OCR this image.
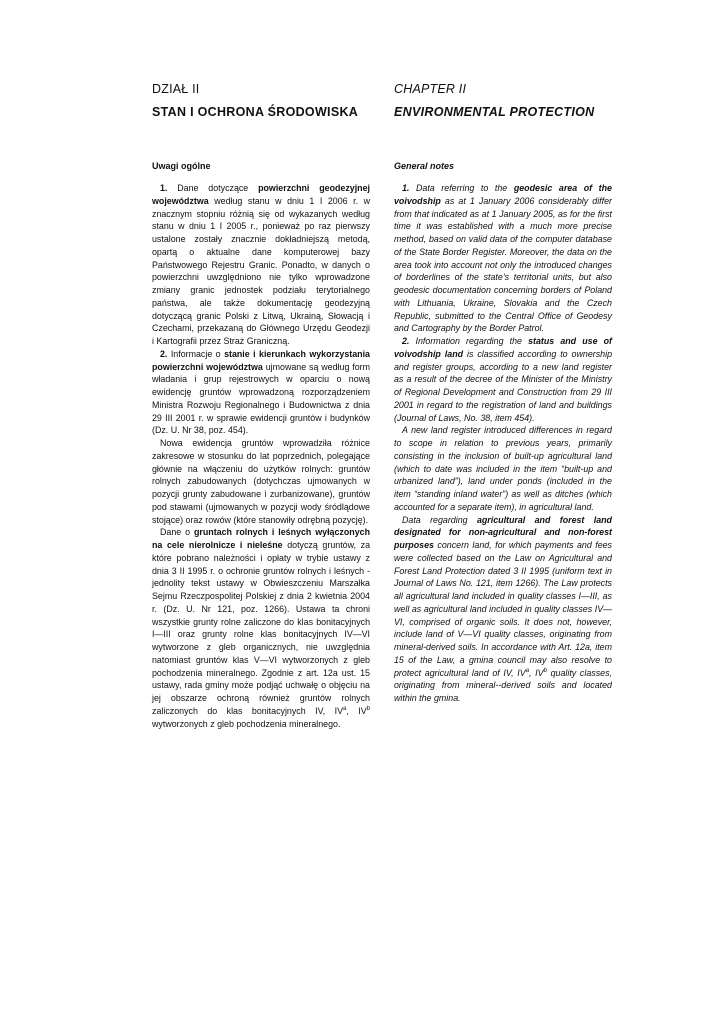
DZIAŁ II
STAN I OCHRONA ŚRODOWISKA
Uwagi ogólne

1. Dane dotyczące powierzchni geodezyjnej województwa według stanu w dniu 1 I 2006 r. w znacznym stopniu różnią się od wykazanych według stanu w dniu 1 I 2005 r., ponieważ po raz pierwszy ustalone zostały znacznie dokładniejszą metodą, opartą o aktualne dane komputerowej bazy Państwowego Rejestru Granic. Ponadto, w danych o powierzchni uwzględniono nie tylko wprowadzone zmiany granic jednostek podziału terytorialnego państwa, ale także dokumentację geodezyjną dotyczącą granic Polski z Litwą, Ukrainą, Słowacją i Czechami, przekazaną do Głównego Urzędu Geodezji i Kartografii przez Straż Graniczną.

2. Informacje o stanie i kierunkach wykorzystania powierzchni województwa ujmowane są według form władania i grup rejestrowych w oparciu o nową ewidencję gruntów wprowadzoną rozporządzeniem Ministra Rozwoju Regionalnego i Budownictwa z dnia 29 III 2001 r. w sprawie ewidencji gruntów i budynków (Dz. U. Nr 38, poz. 454).

Nowa ewidencja gruntów wprowadziła różnice zakresowe w stosunku do lat poprzednich, polegające głównie na włączeniu do użytków rolnych: gruntów rolnych zabudowanych (dotychczas ujmowanych w pozycji grunty zabudowane i zurbanizowane), gruntów pod stawami (ujmowanych w pozycji wody śródlądowe stojące) oraz rowów (które stanowiły odrębną pozycję).

Dane o gruntach rolnych i leśnych wyłączonych na cele nierolnicze i nieleśne dotyczą gruntów, za które pobrano należności i opłaty w trybie ustawy z dnia 3 II 1995 r. o ochronie gruntów rolnych i leśnych - jednolity tekst ustawy w Obwieszczeniu Marszałka Sejmu Rzeczpospolitej Polskiej z dnia 2 kwietnia 2004 r. (Dz. U. Nr 121, poz. 1266). Ustawa ta chroni wszystkie grunty rolne zaliczone do klas bonitacyjnych I—III oraz grunty rolne klas bonitacyjnych IV—VI wytworzone z gleb organicznych, nie uwzględnia natomiast gruntów klas V—VI wytworzonych z gleb pochodzenia mineralnego. Zgodnie z art. 12a ust. 15 ustawy, rada gminy może podjąć uchwałę o objęciu na jej obszarze ochroną również gruntów rolnych zaliczonych do klas bonitacyjnych IV, $IV^a$, $IV^b$ wytworzonych z gleb pochodzenia mineralnego.

CHAPTER II
ENVIRONMENTAL PROTECTION
General notes

1. Data referring to the geodesic area of the voivodship as at 1 January 2006 considerably differ from that indicated as at 1 January 2005, as for the first time it was established with a much more precise method, based on valid data of the computer database of the State Border Register. Moreover, the data on the area took into account not only the introduced changes of borderlines of the state’s territorial units, but also geodesic documentation concerning borders of Poland with Lithuania, Ukraine, Slovakia and the Czech Republic, submitted to the Central Office of Geodesy and Cartography by the Border Patrol.

2. Information regarding the status and use of voivodship land is classified according to ownership and register groups, according to a new land register as a result of the decree of the Minister of the Ministry of Regional Development and Construction from 29 III 2001 in regard to the registration of land and buildings (Journal of Laws, No. 38, item 454).

A new land register introduced differences in regard to scope in relation to previous years, primarily consisting in the inclusion of built-up agricultural land (which to date was included in the item “built-up and urbanized land”), land under ponds (included in the item “standing inland water”) as well as ditches (which accounted for a separate item), in agricultural land.

Data regarding agricultural and forest land designated for non-agricultural and non-forest purposes concern land, for which payments and fees were collected based on the Law on Agricultural and Forest Land Protection dated 3 II 1995 (uniform text in Journal of Laws No. 121, item 1266). The Law protects all agricultural land included in quality classes I—III, as well as agricultural land included in quality classes IV—VI, comprised of organic soils. It does not, however, include land of V—VI quality classes, originating from mineral-derived soils. In accordance with Art. 12a, item 15 of the Law, a gmina council may also resolve to protect agricultural land of IV, $IV^a$, $IV^b$ quality classes, originating from mineral--derived soils and located within the gmina.
